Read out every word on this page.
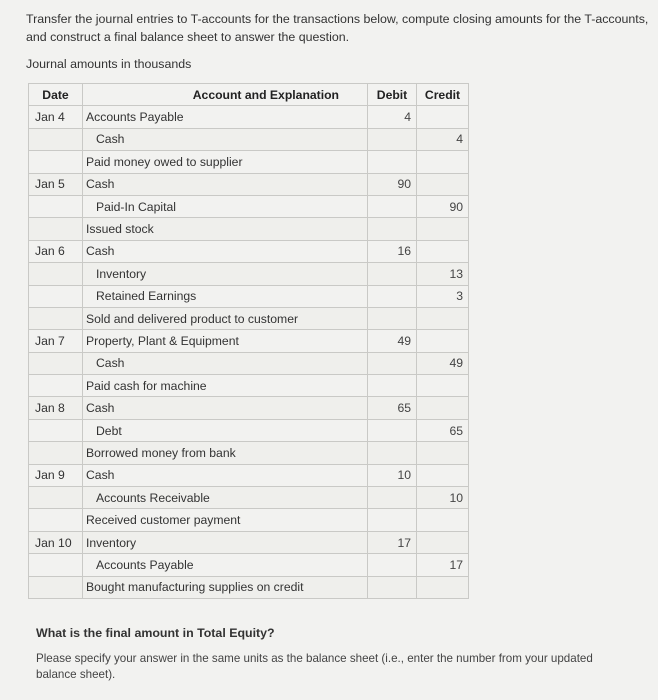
Transfer the journal entries to T-accounts for the transactions below, compute closing amounts for the T-accounts, and construct a final balance sheet to answer the question.
Journal amounts in thousands
Date	Account and Explanation	Debit	Credit
Jan 4	Accounts Payable	4	
	Cash		4
	Paid money owed to supplier		
Jan 5	Cash	90	
	Paid-In Capital		90
	Issued stock		
Jan 6	Cash	16	
	Inventory		13
	Retained Earnings		3
	Sold and delivered product to customer		
Jan 7	Property, Plant & Equipment	49	
	Cash		49
	Paid cash for machine		
Jan 8	Cash	65	
	Debt		65
	Borrowed money from bank		
Jan 9	Cash	10	
	Accounts Receivable		10
	Received customer payment		
Jan 10	Inventory	17	
	Accounts Payable		17
	Bought manufacturing supplies on credit		
What is the final amount in Total Equity?
Please specify your answer in the same units as the balance sheet (i.e., enter the number from your updated balance sheet).
